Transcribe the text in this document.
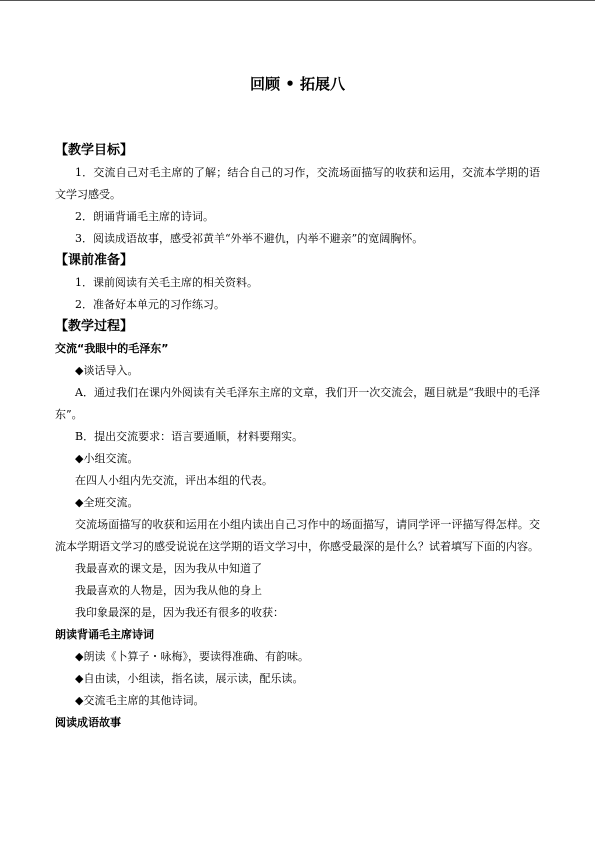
回顾 • 拓展八
【教学目标】
1．交流自己对毛主席的了解；结合自己的习作，交流场面描写的收获和运用，交流本学期的语文学习感受。
2．朗诵背诵毛主席的诗词。
3．阅读成语故事，感受祁黄羊“外举不避仇，内举不避亲”的宽阔胸怀。
【课前准备】
1．课前阅读有关毛主席的相关资料。
2．准备好本单元的习作练习。
【教学过程】
交流“我眼中的毛泽东”
◆谈话导入。
A．通过我们在课内外阅读有关毛泽东主席的文章，我们开一次交流会，题目就是“我眼中的毛泽东”。
B．提出交流要求：语言要通顺，材料要翔实。
◆小组交流。
在四人小组内先交流，评出本组的代表。
◆全班交流。
交流场面描写的收获和运用在小组内读出自己习作中的场面描写，请同学评一评描写得怎样。交流本学期语文学习的感受说说在这学期的语文学习中，你感受最深的是什么？试着填写下面的内容。
我最喜欢的课文是，因为我从中知道了
我最喜欢的人物是，因为我从他的身上
我印象最深的是，因为我还有很多的收获：
朗读背诵毛主席诗词
◆朗读《卜算子・咏梅》，要读得准确、有韵味。
◆自由读，小组读，指名读，展示读，配乐读。
◆交流毛主席的其他诗词。
阅读成语故事
